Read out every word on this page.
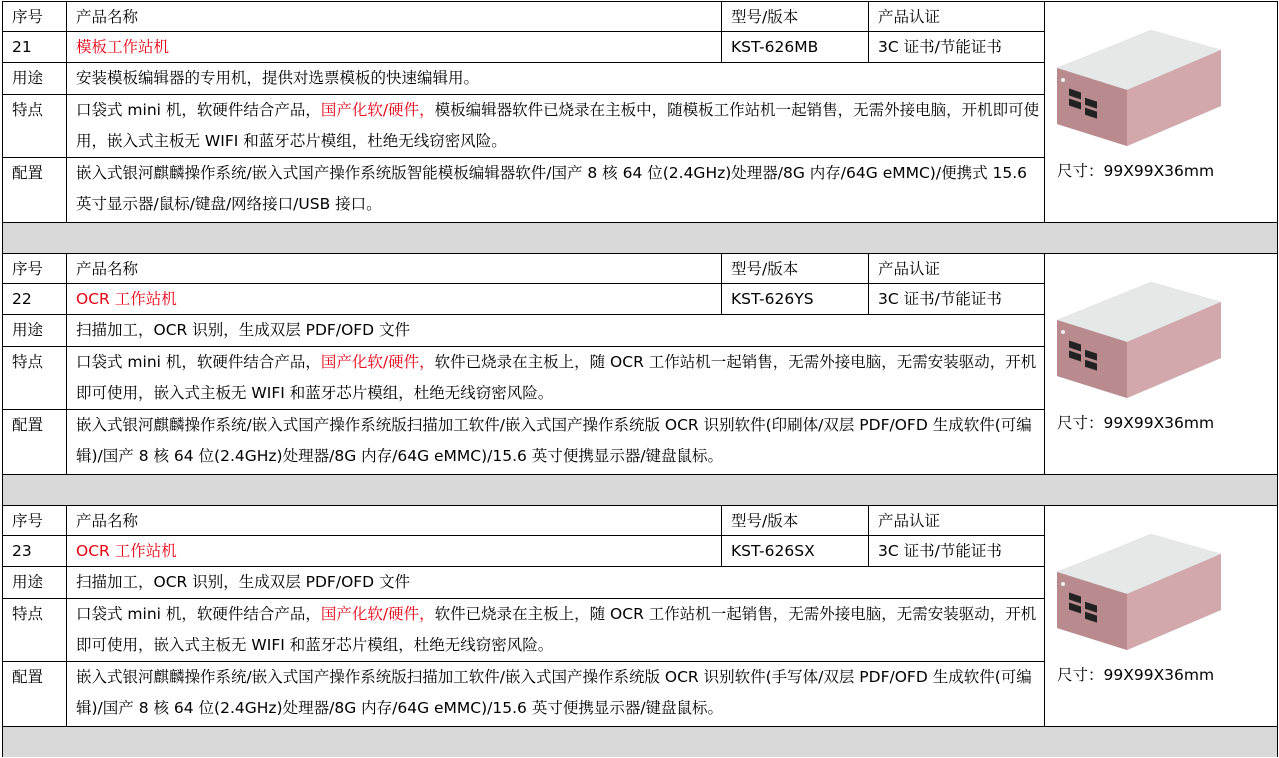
序号	产品名称	型号/版本	产品认证
21	模板工作站机	KST-626MB	3C 证书/节能证书
用途	安装模板编辑器的专用机，提供对选票模板的快速编辑用。
特点	口袋式 mini 机，软硬件结合产品，国产化软/硬件，模板编辑器软件已烧录在主板中，随模板工作站机一起销售，无需外接电脑，开机即可使用，嵌入式主板无 WIFI 和蓝牙芯片模组，杜绝无线窃密风险。
配置	嵌入式银河麒麟操作系统/嵌入式国产操作系统版智能模板编辑器软件/国产 8 核 64 位(2.4GHz)处理器/8G 内存/64G eMMC)/便携式 15.6 英寸显示器/鼠标/键盘/网络接口/USB 接口。
尺寸：99X99X36mm
序号	产品名称	型号/版本	产品认证
22	OCR 工作站机	KST-626YS	3C 证书/节能证书
用途	扫描加工，OCR 识别，生成双层 PDF/OFD 文件
特点	口袋式 mini 机，软硬件结合产品，国产化软/硬件，软件已烧录在主板上，随 OCR 工作站机一起销售，无需外接电脑，无需安装驱动，开机即可使用，嵌入式主板无 WIFI 和蓝牙芯片模组，杜绝无线窃密风险。
配置	嵌入式银河麒麟操作系统/嵌入式国产操作系统版扫描加工软件/嵌入式国产操作系统版 OCR 识别软件(印刷体/双层 PDF/OFD 生成软件(可编辑)/国产 8 核 64 位(2.4GHz)处理器/8G 内存/64G eMMC)/15.6 英寸便携显示器/键盘鼠标。
尺寸：99X99X36mm
序号	产品名称	型号/版本	产品认证
23	OCR 工作站机	KST-626SX	3C 证书/节能证书
用途	扫描加工，OCR 识别，生成双层 PDF/OFD 文件
特点	口袋式 mini 机，软硬件结合产品，国产化软/硬件，软件已烧录在主板上，随 OCR 工作站机一起销售，无需外接电脑，无需安装驱动，开机即可使用，嵌入式主板无 WIFI 和蓝牙芯片模组，杜绝无线窃密风险。
配置	嵌入式银河麒麟操作系统/嵌入式国产操作系统版扫描加工软件/嵌入式国产操作系统版 OCR 识别软件(手写体/双层 PDF/OFD 生成软件(可编辑)/国产 8 核 64 位(2.4GHz)处理器/8G 内存/64G eMMC)/15.6 英寸便携显示器/键盘鼠标。
尺寸：99X99X36mm
